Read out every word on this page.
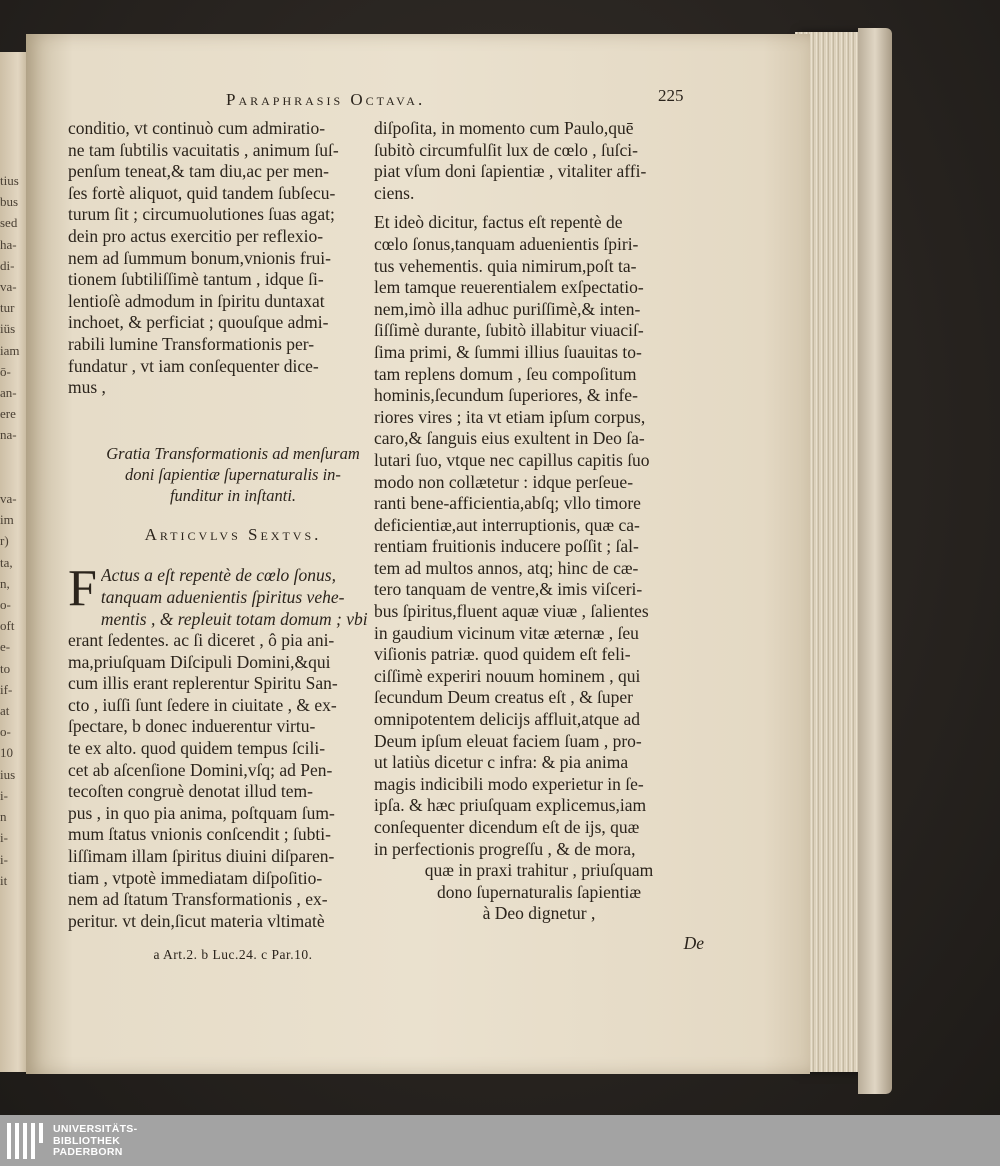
tius
bus
sed
ha-
di-
va-
tur
iüs
iam
ō-
an-
ere
na-

va-
im
r)
ta,
n,
o-
oft
e-
to
if-
at
o-
10
ius
i-
n
i-
i-
it
Paraphrasis Octava.	225
conditio, vt continuò cum admiratio-
ne tam ſubtilis vacuitatis , animum ſuſ-
penſum teneat,& tam diu,ac per men-
ſes fortè aliquot, quid tandem ſubſecu-
turum ſit ; circumuolutiones ſuas agat;
dein pro actus exercitio per reflexio-
nem ad ſummum bonum,vnionis frui-
tionem ſubtiliſſimè tantum , idque ſi-
lentioſè admodum in ſpiritu duntaxat
inchoet, & perficiat ; quouſque admi-
rabili lumine Transformationis per-
fundatur , vt iam conſequenter dice-
mus ,
Gratia Transformationis ad menſuram
doni ſapientiæ ſupernaturalis in-
funditur in inſtanti.
Articvlvs Sextvs.
F Actus a eſt repentè de cœlo ſonus,
tanquam aduenientis ſpiritus vehe-
mentis , & repleuit totam domum ; vbi
erant ſedentes. ac ſi diceret , ô pia ani-
ma,priuſquam Diſcipuli Domini,&qui
cum illis erant replerentur Spiritu San-
cto , iuſſi ſunt ſedere in ciuitate , & ex-
ſpectare, b donec induerentur virtu-
te ex alto. quod quidem tempus ſcili-
cet ab aſcenſione Domini,vſq; ad Pen-
tecoſten congruè denotat illud tem-
pus , in quo pia anima, poſtquam ſum-
mum ſtatus vnionis conſcendit ; ſubti-
liſſimam illam ſpiritus diuini diſparen-
tiam , vtpotè immediatam diſpoſitio-
nem ad ſtatum Transformationis , ex-
peritur. vt dein,ſicut materia vltimatè
a Art.2. b Luc.24. c Par.10.
diſpoſita, in momento cum Paulo,quē
ſubitò circumfulſit lux de cœlo , ſuſci-
piat vſum doni ſapientiæ , vitaliter affi-
ciens.
Et ideò dicitur, factus eſt repentè de
cœlo ſonus,tanquam aduenientis ſpiri-
tus vehementis. quia nimirum,poſt ta-
lem tamque reuerentialem exſpectatio-
nem,imò illa adhuc puriſſimè,& inten-
ſiſſimè durante, ſubitò illabitur viuaciſ-
ſima primi, & ſummi illius ſuauitas to-
tam replens domum , ſeu compoſitum
hominis,ſecundum ſuperiores, & infe-
riores vires ; ita vt etiam ipſum corpus,
caro,& ſanguis eius exultent in Deo ſa-
lutari ſuo, vtque nec capillus capitis ſuo
modo non collætetur : idque perſeue-
ranti bene-afficientia,abſq; vllo timore
deficientiæ,aut interruptionis, quæ ca-
rentiam fruitionis inducere poſſit ; ſal-
tem ad multos annos, atq; hinc de cæ-
tero tanquam de ventre,& imis viſceri-
bus ſpiritus,fluent aquæ viuæ , ſalientes
in gaudium vicinum vitæ æternæ , ſeu
viſionis patriæ. quod quidem eſt feli-
ciſſimè experiri nouum hominem , qui
ſecundum Deum creatus eſt , & ſuper
omnipotentem delicijs affluit,atque ad
Deum ipſum eleuat faciem ſuam , pro-
ut latiùs dicetur c infra: & pia anima
magis indicibili modo experietur in ſe-
ipſa. & hæc priuſquam explicemus,iam
conſequenter dicendum eſt de ijs, quæ
in perfectionis progreſſu , & de mora,
quæ in praxi trahitur , priuſquam
dono ſupernaturalis ſapientiæ
à Deo dignetur ,
De
UNIVERSITÄTS-
BIBLIOTHEK
PADERBORN
